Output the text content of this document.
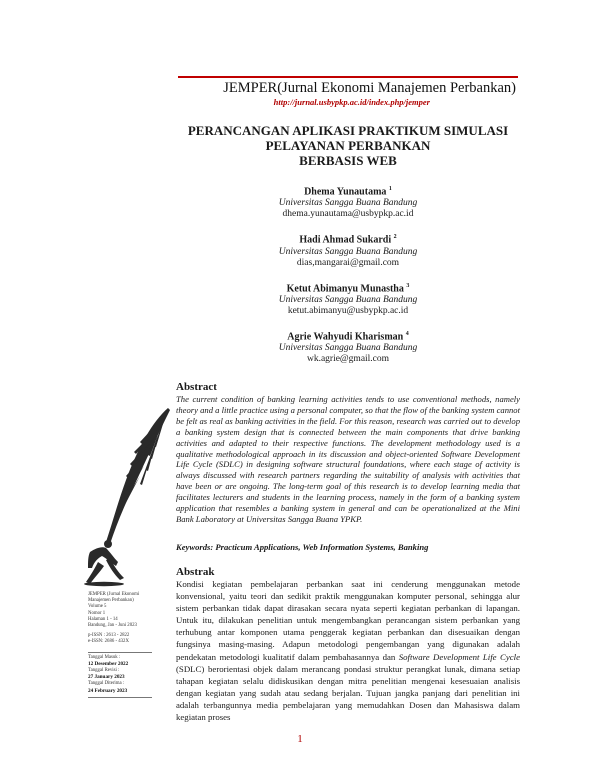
JEMPER(Jurnal Ekonomi Manajemen Perbankan)
http://jurnal.usbypkp.ac.id/index.php/jemper
PERANCANGAN APLIKASI PRAKTIKUM SIMULASI
PELAYANAN PERBANKAN
BERBASIS WEB
Dhema Yunautama $^1$
Universitas Sangga Buana Bandung
dhema.yunautama@usbypkp.ac.id
Hadi Ahmad Sukardi $^2$
Universitas Sangga Buana Bandung
dias,mangarai@gmail.com
Ketut Abimanyu Munastha $^3$
Universitas Sangga Buana Bandung
ketut.abimanyu@usbypkp.ac.id
Agrie Wahyudi Kharisman $^4$
Universitas Sangga Buana Bandung
wk.agrie@gmail.com
Abstract
The current condition of banking learning activities tends to use conventional methods, namely theory and a little practice using a personal computer, so that the flow of the banking system cannot be felt as real as banking activities in the field. For this reason, research was carried out to develop a banking system design that is connected between the main components that drive banking activities and adapted to their respective functions. The development methodology used is a qualitative methodological approach in its discussion and object-oriented Software Development Life Cycle (SDLC) in designing software structural foundations, where each stage of activity is always discussed with research partners regarding the suitability of analysis with activities that have been or are ongoing. The long-term goal of this research is to develop learning media that facilitates lecturers and students in the learning process, namely in the form of a banking system application that resembles a banking system in general and can be operationalized at the Mini Bank Laboratory at Universitas Sangga Buana YPKP.
Keywords: Practicum Applications, Web Information Systems, Banking
Abstrak
Kondisi kegiatan pembelajaran perbankan saat ini cenderung menggunakan metode konvensional, yaitu teori dan sedikit praktik menggunakan komputer personal, sehingga alur sistem perbankan tidak dapat dirasakan secara nyata seperti kegiatan perbankan di lapangan. Untuk itu, dilakukan penelitian untuk mengembangkan perancangan sistem perbankan yang terhubung antar komponen utama penggerak kegiatan perbankan dan disesuaikan dengan fungsinya masing-masing. Adapun metodologi pengembangan yang digunakan adalah pendekatan metodologi kualitatif dalam pembahasannya dan Software Development Life Cycle (SDLC) berorientasi objek dalam merancang pondasi struktur perangkat lunak, dimana setiap tahapan kegiatan selalu didiskusikan dengan mitra penelitian mengenai kesesuaian analisis dengan kegiatan yang sudah atau sedang berjalan. Tujuan jangka panjang dari penelitian ini adalah terbangunnya media pembelajaran yang memudahkan Dosen dan Mahasiswa dalam kegiatan proses
JEMPER (Jurnal Ekonomi
Manajemen Perbankan)
Volume 5
Nomor 1
Halaman 1 - 14
Bandung, Jan - Juni 2023
p-ISSN : 2613 - 2822
e-ISSN: 2686 - 432X
Tanggal Masuk :
12 Desember 2022
Tanggal Revisi :
27 January 2023
Tanggal Diterima :
24 February 2023
1
